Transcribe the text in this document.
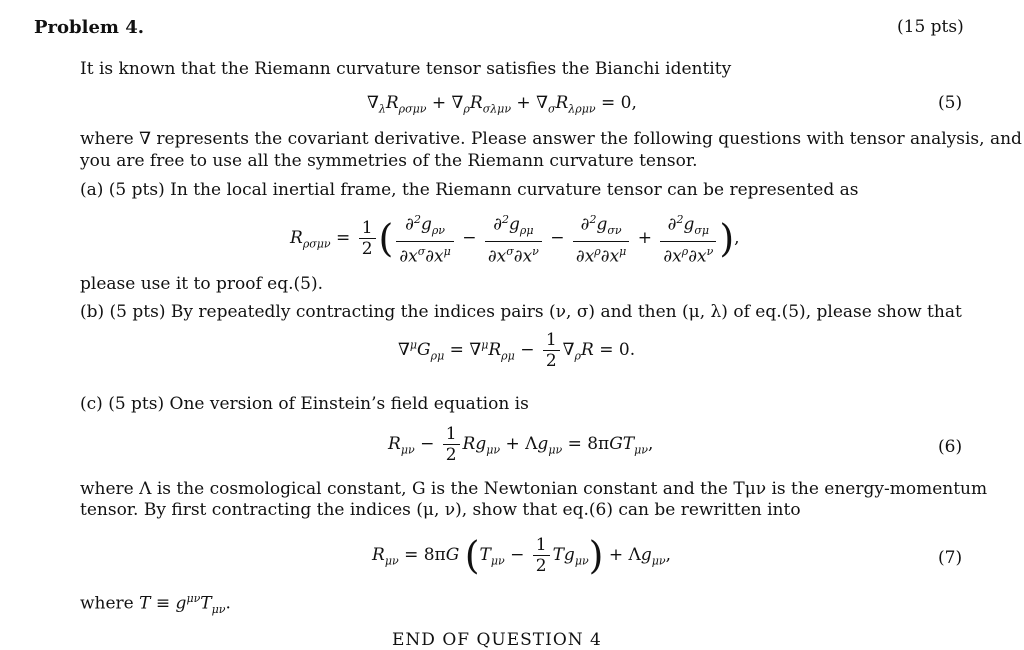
Problem 4.	(15 pts)
It is known that the Riemann curvature tensor satisfies the Bianchi identity
$\nabla_\lambda R_{\rho\sigma\mu\nu} + \nabla_\rho R_{\sigma\lambda\mu\nu} + \nabla_\sigma R_{\lambda\rho\mu\nu} = 0$,	(5)
where ∇ represents the covariant derivative. Please answer the following questions with tensor analysis, and
you are free to use all the symmetries of the Riemann curvature tensor.
(a) (5 pts) In the local inertial frame, the Riemann curvature tensor can be represented as
$R_{\rho\sigma\mu\nu} = \frac{1}{2}$ ( $\frac{\partial^2g_{\rho\nu}}{\partial x^\sigma\partial x^\mu} - \frac{\partial^2g_{\rho\mu}}{\partial x^\sigma\partial x^\nu} - \frac{\partial^2g_{\sigma\nu}}{\partial x^\rho\partial x^\mu} + \frac{\partial^2g_{\sigma\mu}}{\partial x^\rho\partial x^\nu}$ ),
please use it to proof eq.(5).
(b) (5 pts) By repeatedly contracting the indices pairs (ν, σ) and then (μ, λ) of eq.(5), please show that
$\nabla^\mu G_{\rho\mu} = \nabla^\mu R_{\rho\mu} - \frac{1}{2} \nabla_\rho R = 0$.
(c) (5 pts) One version of Einstein’s field equation is
$R_{\mu\nu} - \frac{1}{2} Rg_{\mu\nu} + \Lambda g_{\mu\nu} = 8\pi GT_{\mu\nu}$,	(6)
where Λ is the cosmological constant, G is the Newtonian constant and the Tμν is the energy-momentum
tensor. By first contracting the indices (μ, ν), show that eq.(6) can be rewritten into
$R_{\mu\nu} = 8\pi G$ $(T_{\mu\nu} - \frac{1}{2} Tg_{\mu\nu}) + \Lambda g_{\mu\nu}$,	(7)
where $T \equiv g^{\mu\nu}T_{\mu\nu}$.
END OF QUESTION 4
